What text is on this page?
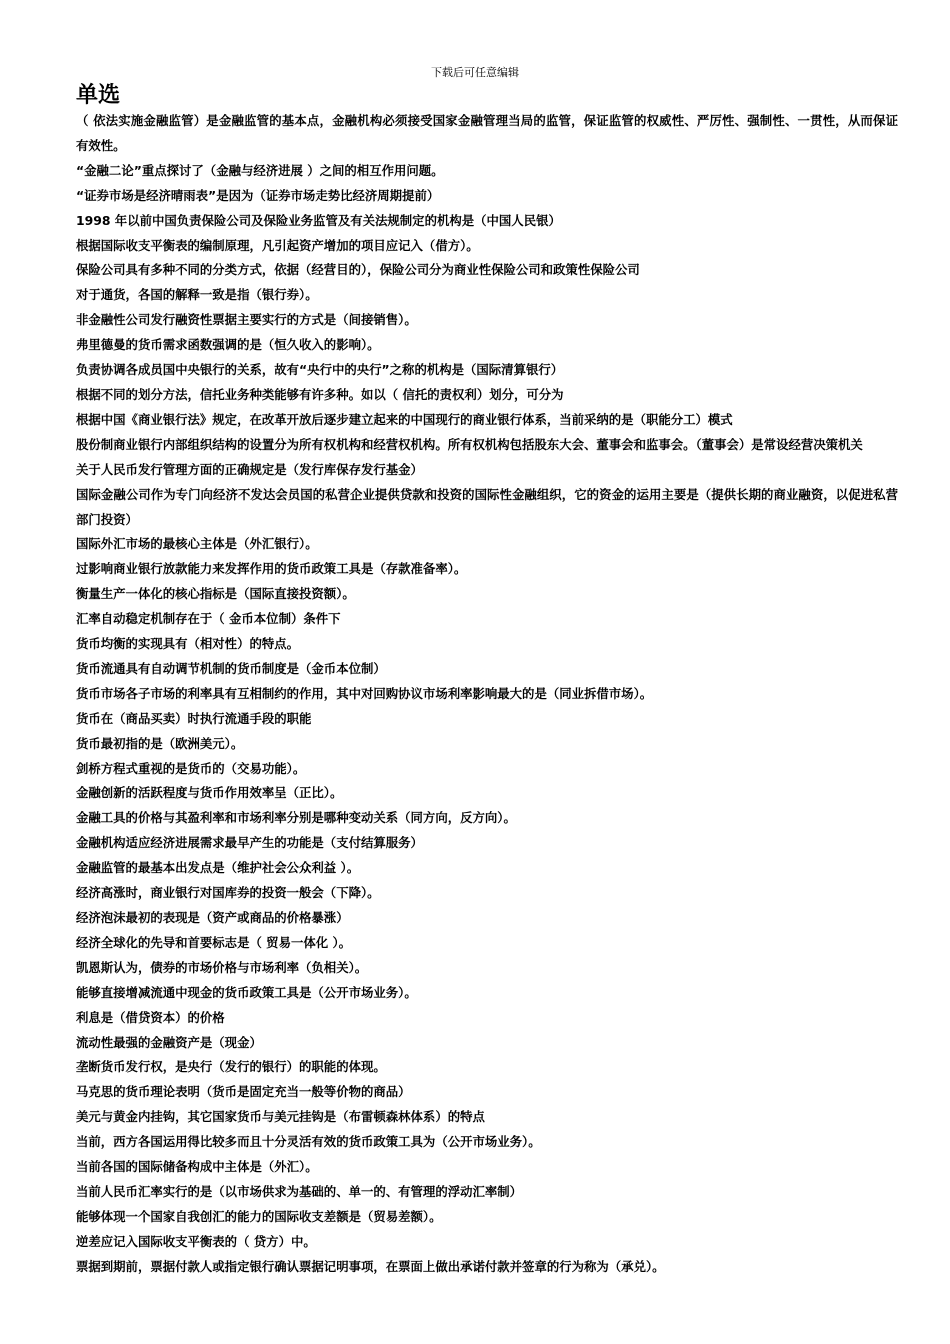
下载后可任意编辑
单选

（ 依法实施金融监管）是金融监管的基本点，金融机构必须接受国家金融管理当局的监管，保证监管的权威性、严厉性、强制性、一贯性，从而保证有效性。

“金融二论”重点探讨了（金融与经济进展 ）之间的相互作用问题。

“证券市场是经济晴雨表”是因为（证券市场走势比经济周期提前）

1998 年以前中国负责保险公司及保险业务监管及有关法规制定的机构是（中国人民银）

根据国际收支平衡表的编制原理，凡引起资产增加的项目应记入（借方）。

保险公司具有多种不同的分类方式，依据（经营目的），保险公司分为商业性保险公司和政策性保险公司

对于通货，各国的解释一致是指（银行券）。

非金融性公司发行融资性票据主要实行的方式是（间接销售）。

弗里德曼的货币需求函数强调的是（恒久收入的影响）。

负责协调各成员国中央银行的关系，故有“央行中的央行”之称的机构是（国际清算银行）

根据不同的划分方法，信托业务种类能够有许多种。如以（ 信托的责权利）划分，可分为

根据中国《商业银行法》规定，在改革开放后逐步建立起来的中国现行的商业银行体系，当前采纳的是（职能分工）模式

股份制商业银行内部组织结构的设置分为所有权机构和经营权机构。所有权机构包括股东大会、董事会和监事会。（董事会）是常设经营决策机关

关于人民币发行管理方面的正确规定是（发行库保存发行基金）

国际金融公司作为专门向经济不发达会员国的私营企业提供贷款和投资的国际性金融组织，它的资金的运用主要是（提供长期的商业融资，以促进私营部门投资）

国际外汇市场的最核心主体是（外汇银行）。

过影响商业银行放款能力来发挥作用的货币政策工具是（存款准备率）。

衡量生产一体化的核心指标是（国际直接投资额）。

汇率自动稳定机制存在于（ 金币本位制）条件下

货币均衡的实现具有（相对性）的特点。

货币流通具有自动调节机制的货币制度是（金币本位制）

货币市场各子市场的利率具有互相制约的作用，其中对回购协议市场利率影响最大的是（同业拆借市场）。

货币在（商品买卖）时执行流通手段的职能

货币最初指的是（欧洲美元）。

剑桥方程式重视的是货币的（交易功能）。

金融创新的活跃程度与货币作用效率呈（正比）。

金融工具的价格与其盈利率和市场利率分别是哪种变动关系（同方向，反方向）。

金融机构适应经济进展需求最早产生的功能是（支付结算服务）

金融监管的最基本出发点是（维护社会公众利益 ）。

经济高涨时，商业银行对国库券的投资一般会（下降）。

经济泡沫最初的表现是（资产或商品的价格暴涨）

经济全球化的先导和首要标志是（ 贸易一体化 ）。

凯恩斯认为，债券的市场价格与市场利率（负相关）。

能够直接增减流通中现金的货币政策工具是（公开市场业务）。

利息是（借贷资本）的价格

流动性最强的金融资产是（现金）

垄断货币发行权，是央行（发行的银行）的职能的体现。

马克思的货币理论表明（货币是固定充当一般等价物的商品）

美元与黄金内挂钩，其它国家货币与美元挂钩是（布雷顿森林体系）的特点

当前，西方各国运用得比较多而且十分灵活有效的货币政策工具为（公开市场业务）。

当前各国的国际储备构成中主体是（外汇）。

当前人民币汇率实行的是（以市场供求为基础的、单一的、有管理的浮动汇率制）

能够体现一个国家自我创汇的能力的国际收支差额是（贸易差额）。

逆差应记入国际收支平衡表的（ 贷方）中。

票据到期前，票据付款人或指定银行确认票据记明事项，在票面上做出承诺付款并签章的行为称为（承兑）。
